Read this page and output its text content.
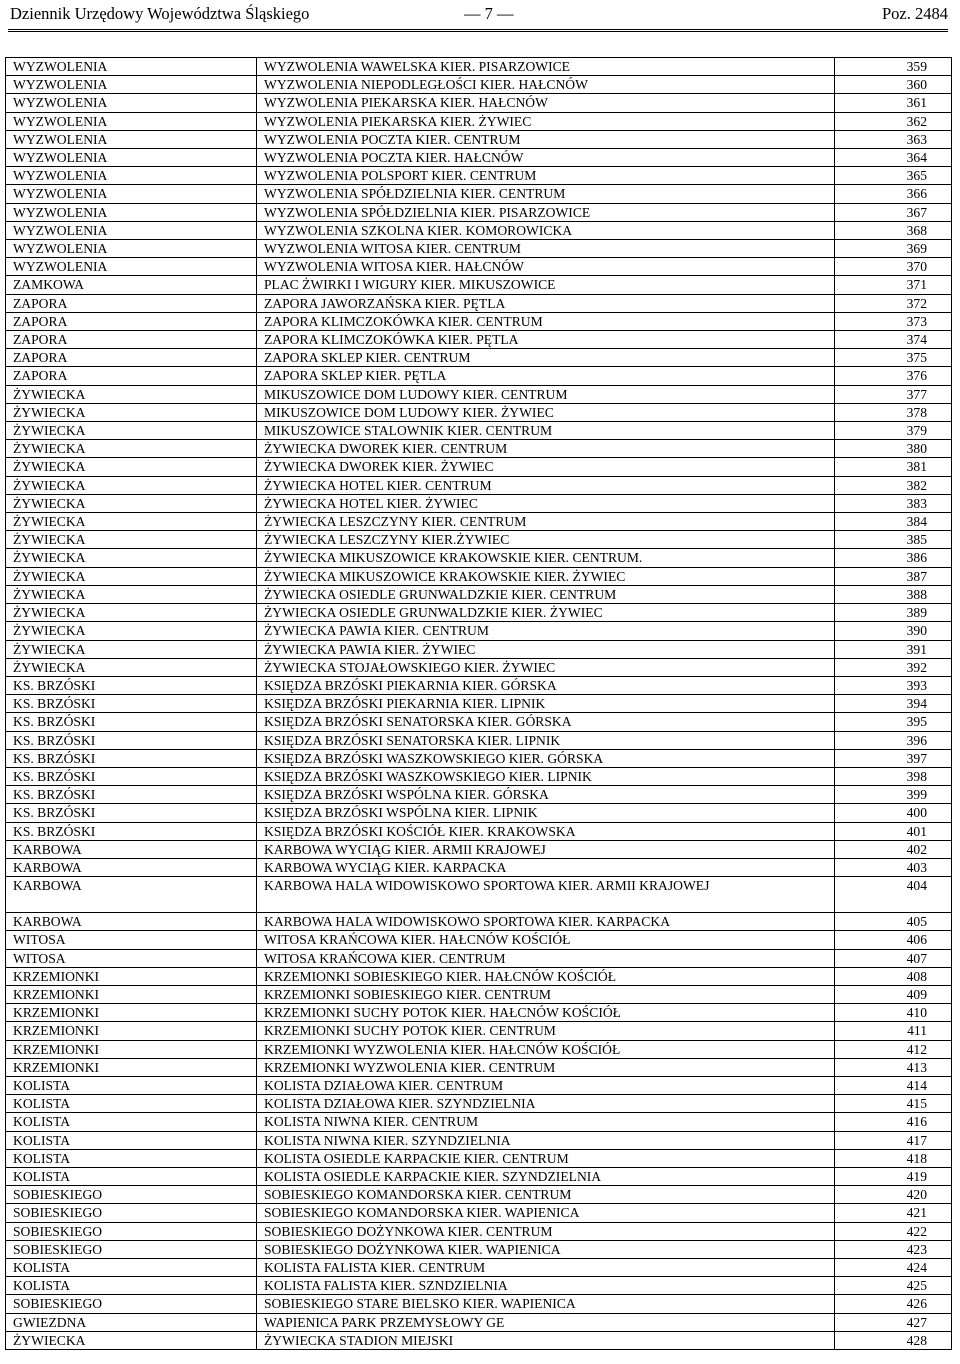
Dziennik Urzędowy Województwa Śląskiego	— 7 —	Poz. 2484
WYZWOLENIA	WYZWOLENIA WAWELSKA KIER. PISARZOWICE	359
WYZWOLENIA	WYZWOLENIA NIEPODLEGŁOŚCI KIER. HAŁCNÓW	360
WYZWOLENIA	WYZWOLENIA PIEKARSKA KIER. HAŁCNÓW	361
WYZWOLENIA	WYZWOLENIA PIEKARSKA KIER. ŻYWIEC	362
WYZWOLENIA	WYZWOLENIA POCZTA KIER. CENTRUM	363
WYZWOLENIA	WYZWOLENIA POCZTA KIER. HAŁCNÓW	364
WYZWOLENIA	WYZWOLENIA POLSPORT KIER. CENTRUM	365
WYZWOLENIA	WYZWOLENIA SPÓŁDZIELNIA KIER. CENTRUM	366
WYZWOLENIA	WYZWOLENIA SPÓŁDZIELNIA KIER. PISARZOWICE	367
WYZWOLENIA	WYZWOLENIA SZKOLNA KIER. KOMOROWICKA	368
WYZWOLENIA	WYZWOLENIA WITOSA KIER. CENTRUM	369
WYZWOLENIA	WYZWOLENIA WITOSA KIER. HAŁCNÓW	370
ZAMKOWA	PLAC ŻWIRKI I WIGURY KIER. MIKUSZOWICE	371
ZAPORA	ZAPORA JAWORZAŃSKA KIER. PĘTLA	372
ZAPORA	ZAPORA KLIMCZOKÓWKA KIER. CENTRUM	373
ZAPORA	ZAPORA KLIMCZOKÓWKA KIER. PĘTLA	374
ZAPORA	ZAPORA SKLEP KIER. CENTRUM	375
ZAPORA	ZAPORA SKLEP KIER. PĘTLA	376
ŻYWIECKA	MIKUSZOWICE DOM LUDOWY KIER. CENTRUM	377
ŻYWIECKA	MIKUSZOWICE DOM LUDOWY KIER. ŻYWIEC	378
ŻYWIECKA	MIKUSZOWICE STALOWNIK KIER. CENTRUM	379
ŻYWIECKA	ŻYWIECKA DWOREK KIER. CENTRUM	380
ŻYWIECKA	ŻYWIECKA DWOREK KIER. ŻYWIEC	381
ŻYWIECKA	ŻYWIECKA HOTEL KIER. CENTRUM	382
ŻYWIECKA	ŻYWIECKA HOTEL KIER. ŻYWIEC	383
ŻYWIECKA	ŻYWIECKA LESZCZYNY KIER. CENTRUM	384
ŻYWIECKA	ŻYWIECKA LESZCZYNY KIER.ŻYWIEC	385
ŻYWIECKA	ŻYWIECKA MIKUSZOWICE KRAKOWSKIE KIER. CENTRUM.	386
ŻYWIECKA	ŻYWIECKA MIKUSZOWICE KRAKOWSKIE KIER. ŻYWIEC	387
ŻYWIECKA	ŻYWIECKA OSIEDLE GRUNWALDZKIE KIER. CENTRUM	388
ŻYWIECKA	ŻYWIECKA OSIEDLE GRUNWALDZKIE KIER. ŻYWIEC	389
ŻYWIECKA	ŻYWIECKA PAWIA KIER. CENTRUM	390
ŻYWIECKA	ŻYWIECKA PAWIA KIER. ŻYWIEC	391
ŻYWIECKA	ŻYWIECKA STOJAŁOWSKIEGO KIER. ŻYWIEC	392
KS. BRZÓSKI	KSIĘDZA BRZÓSKI PIEKARNIA KIER. GÓRSKA	393
KS. BRZÓSKI	KSIĘDZA BRZÓSKI PIEKARNIA KIER. LIPNIK	394
KS. BRZÓSKI	KSIĘDZA BRZÓSKI SENATORSKA KIER. GÓRSKA	395
KS. BRZÓSKI	KSIĘDZA BRZÓSKI SENATORSKA KIER. LIPNIK	396
KS. BRZÓSKI	KSIĘDZA BRZÓSKI WASZKOWSKIEGO KIER. GÓRSKA	397
KS. BRZÓSKI	KSIĘDZA BRZÓSKI WASZKOWSKIEGO KIER. LIPNIK	398
KS. BRZÓSKI	KSIĘDZA BRZÓSKI WSPÓLNA KIER. GÓRSKA	399
KS. BRZÓSKI	KSIĘDZA BRZÓSKI WSPÓLNA KIER. LIPNIK	400
KS. BRZÓSKI	KSIĘDZA BRZÓSKI KOŚCIÓŁ KIER. KRAKOWSKA	401
KARBOWA	KARBOWA WYCIĄG KIER. ARMII KRAJOWEJ	402
KARBOWA	KARBOWA WYCIĄG KIER. KARPACKA	403
KARBOWA	KARBOWA HALA WIDOWISKOWO SPORTOWA KIER. ARMII KRAJOWEJ	404
KARBOWA	KARBOWA HALA WIDOWISKOWO SPORTOWA KIER. KARPACKA	405
WITOSA	WITOSA KRAŃCOWA KIER. HAŁCNÓW KOŚCIÓŁ	406
WITOSA	WITOSA KRAŃCOWA KIER. CENTRUM	407
KRZEMIONKI	KRZEMIONKI SOBIESKIEGO KIER. HAŁCNÓW KOŚCIÓŁ	408
KRZEMIONKI	KRZEMIONKI SOBIESKIEGO KIER. CENTRUM	409
KRZEMIONKI	KRZEMIONKI SUCHY POTOK KIER. HAŁCNÓW KOŚCIÓŁ	410
KRZEMIONKI	KRZEMIONKI SUCHY POTOK KIER. CENTRUM	411
KRZEMIONKI	KRZEMIONKI WYZWOLENIA KIER. HAŁCNÓW KOŚCIÓŁ	412
KRZEMIONKI	KRZEMIONKI WYZWOLENIA KIER. CENTRUM	413
KOLISTA	KOLISTA DZIAŁOWA KIER. CENTRUM	414
KOLISTA	KOLISTA DZIAŁOWA KIER. SZYNDZIELNIA	415
KOLISTA	KOLISTA NIWNA KIER. CENTRUM	416
KOLISTA	KOLISTA NIWNA KIER. SZYNDZIELNIA	417
KOLISTA	KOLISTA OSIEDLE KARPACKIE KIER. CENTRUM	418
KOLISTA	KOLISTA OSIEDLE KARPACKIE KIER. SZYNDZIELNIA	419
SOBIESKIEGO	SOBIESKIEGO KOMANDORSKA KIER. CENTRUM	420
SOBIESKIEGO	SOBIESKIEGO KOMANDORSKA KIER. WAPIENICA	421
SOBIESKIEGO	SOBIESKIEGO DOŻYNKOWA KIER. CENTRUM	422
SOBIESKIEGO	SOBIESKIEGO DOŻYNKOWA KIER. WAPIENICA	423
KOLISTA	KOLISTA FALISTA KIER. CENTRUM	424
KOLISTA	KOLISTA FALISTA KIER. SZNDZIELNIA	425
SOBIESKIEGO	SOBIESKIEGO STARE BIELSKO KIER. WAPIENICA	426
GWIEZDNA	WAPIENICA PARK PRZEMYSŁOWY GE	427
ŻYWIECKA	ŻYWIECKA STADION MIEJSKI	428
